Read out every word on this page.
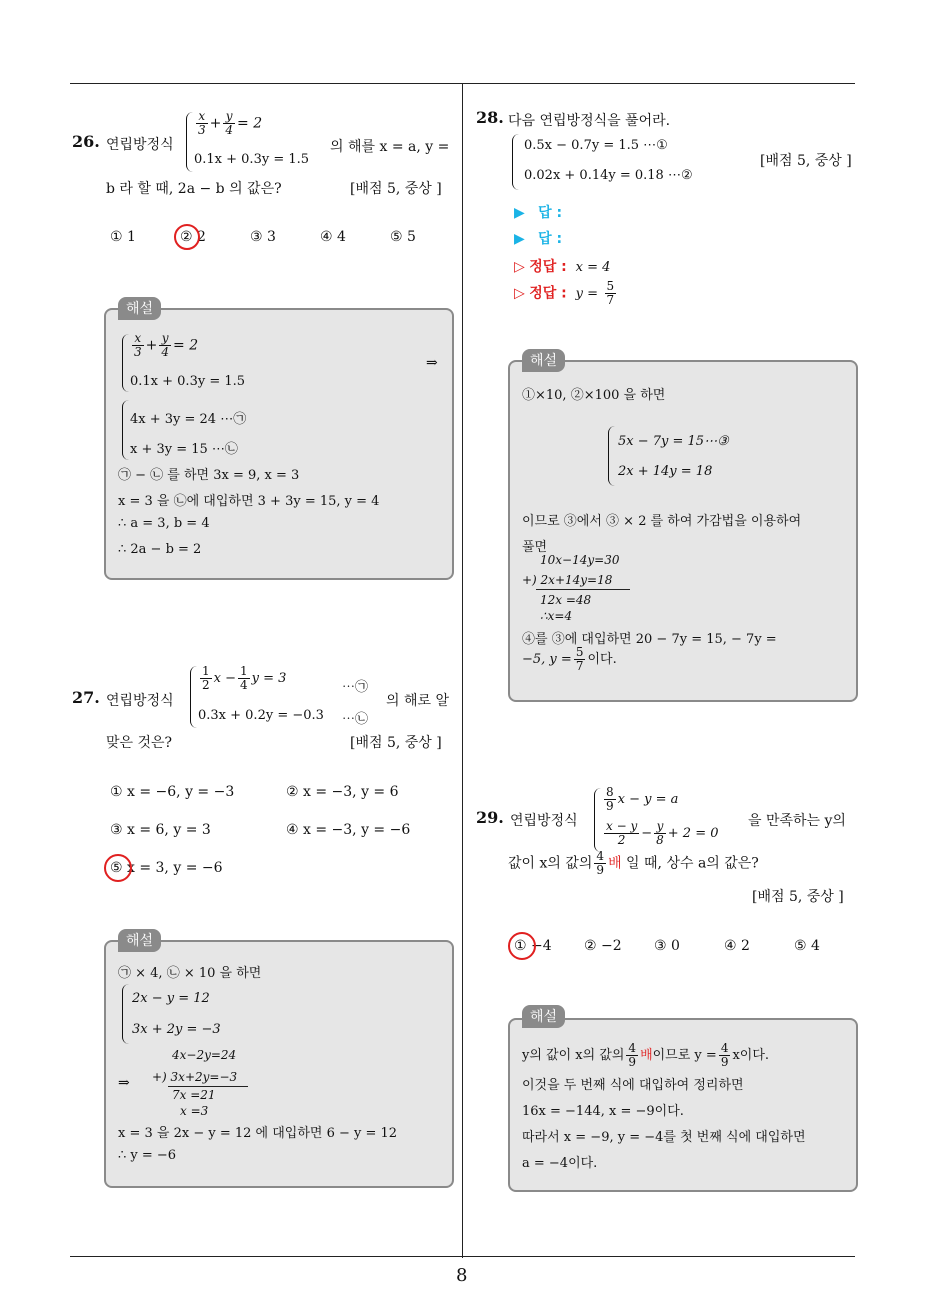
8
26. 연립방정식
$\frac{x}{3} + \frac{y}{4} = 2$
0.1x + 0.3y = 1.5
의 해를 x = a, y =
b 라 할 때, 2a − b 의 값은?	[배점 5, 중상 ]
① 1	② 2	③ 3	④ 4	⑤ 5
해설
$\frac{x}{3} + \frac{y}{4} = 2$
0.1x + 0.3y = 1.5
⇒
4x + 3y = 24 ⋯㉠
x + 3y = 15 ⋯㉡
㉠ − ㉡ 를 하면 3x = 9, x = 3
x = 3 을 ㉡에 대입하면 3 + 3y = 15, y = 4
∴ a = 3, b = 4
∴ 2a − b = 2
27. 연립방정식
$\frac{1}{2}$ $x - \frac{1}{4}$ y = 3
⋯㉠
0.3x + 0.2y = −0.3 ⋯㉡
의 해로 알
맞은 것은?	[배점 5, 중상 ]
① x = −6, y = −3	② x = −3, y = 6
③ x = 6, y = 3	④ x = −3, y = −6
⑤ x = 3, y = −6
해설
㉠ × 4, ㉡ × 10 을 하면
2x − y = 12
3x + 2y = −3
4x−2y=24
⇒ +) 3x+2y=−3
7x =21
x =3
x = 3 을 2x − y = 12 에 대입하면 6 − y = 12
∴ y = −6
28. 다음 연립방정식을 풀어라.
0.5x − 0.7y = 1.5 ⋯①
0.02x + 0.14y = 0.18 ⋯②
[배점 5, 중상 ]
▶ 답 :
▶ 답 :
▷ 정답 : x = 4
▷ 정답 : $y = \frac{5}{7}$
해설
①×10, ②×100 을 하면
5x − 7y = 15⋯③
2x + 14y = 18
이므로 ③에서 ③ × 2 를 하여 가감법을 이용하여
풀면
10x−14y=30
+) 2x+14y=18
12x =48
∴x=4
④를 ③에 대입하면 20 − 7y = 15, − 7y =
−5, $y = \frac{5}{7}$ 이다.
29. 연립방정식
$\frac{8}{9}$ x − y = a
$\frac{x - y}{2} - \frac{y}{8} + 2 = 0$
을 만족하는 y의
값이 x의 값의 $\frac{4}{9}$ 배 일 때, 상수 a의 값은?
[배점 5, 중상 ]
① −4 ② −2 ③ 0	④ 2	⑤ 4
해설
y의 값이 x의 값의 $\frac{4}{9}$ 배이므로 $y = \frac{4}{9}$ x이다.
이것을 두 번째 식에 대입하여 정리하면
16x = −144, x = −9이다.
따라서 x = −9, y = −4를 첫 번째 식에 대입하면
a = −4이다.
